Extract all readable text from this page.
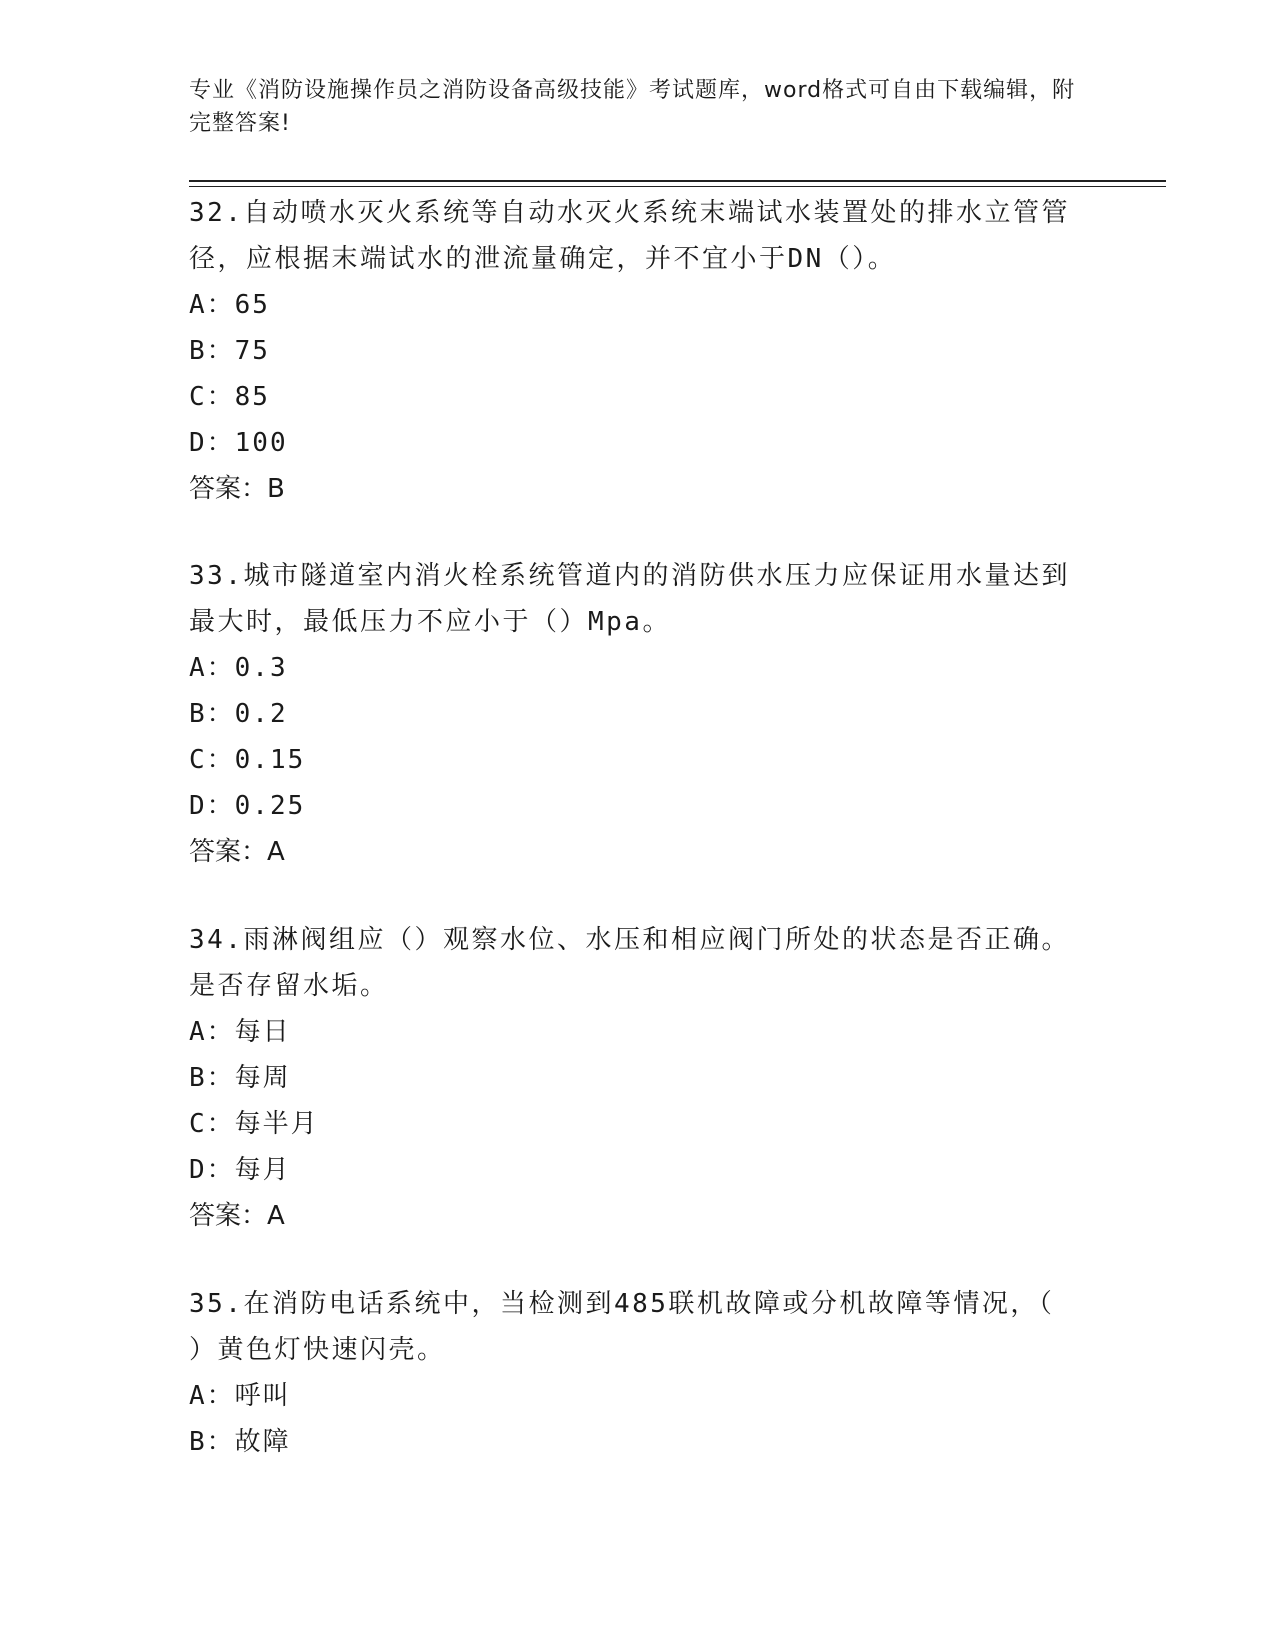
专业《消防设施操作员之消防设备高级技能》考试题库，word格式可自由下载编辑，附完整答案!

32.自动喷水灭火系统等自动水灭火系统末端试水装置处的排水立管管

径，应根据末端试水的泄流量确定，并不宜小于DN（）。

A：65

B：75

C：85

D：100

答案：B

33.城市隧道室内消火栓系统管道内的消防供水压力应保证用水量达到

最大时，最低压力不应小于（）Mpa。

A：0.3

B：0.2

C：0.15

D：0.25

答案：A

34.雨淋阀组应（）观察水位、水压和相应阀门所处的状态是否正确。

是否存留水垢。

A：每日

B：每周

C：每半月

D：每月

答案：A

35.在消防电话系统中，当检测到485联机故障或分机故障等情况，（

）黄色灯快速闪壳。

A：呼叫

B：故障
